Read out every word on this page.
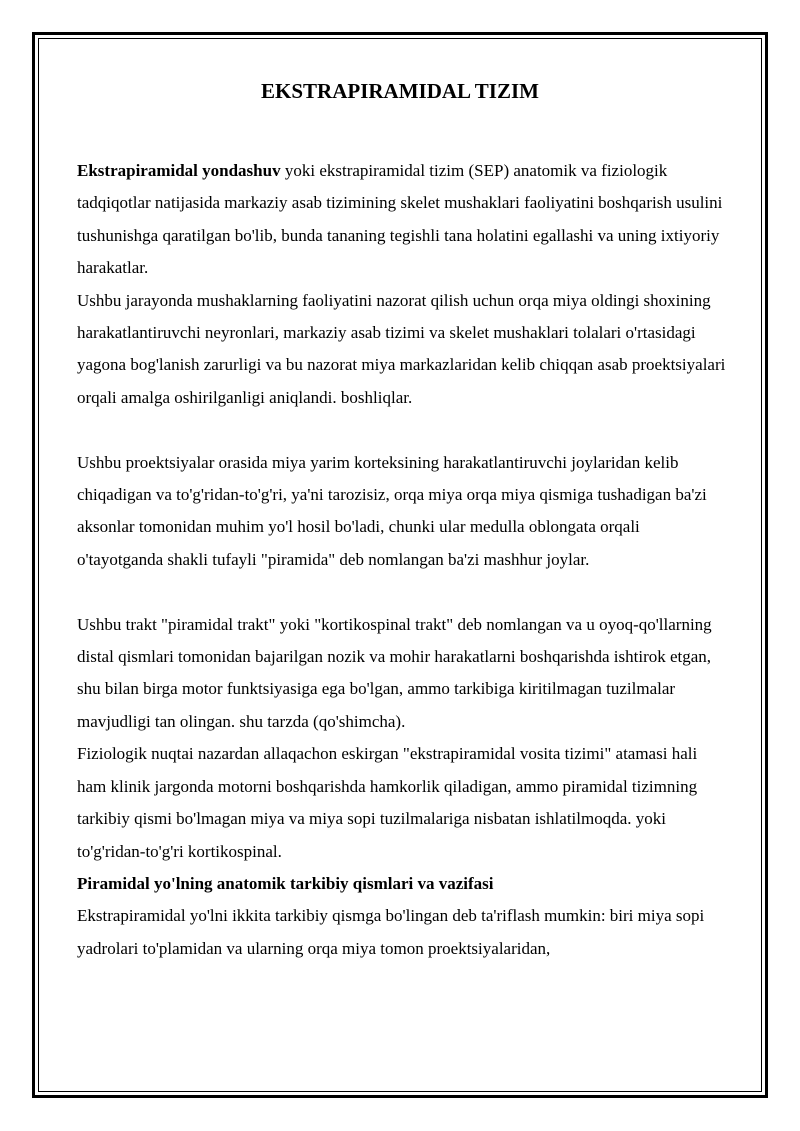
EKSTRAPIRAMIDAL TIZIM

Ekstrapiramidal yondashuv yoki ekstrapiramidal tizim (SEP) anatomik va fiziologik tadqiqotlar natijasida markaziy asab tizimining skelet mushaklari faoliyatini boshqarish usulini tushunishga qaratilgan bo'lib, bunda tananing tegishli tana holatini egallashi va uning ixtiyoriy harakatlar.

Ushbu jarayonda mushaklarning faoliyatini nazorat qilish uchun orqa miya oldingi shoxining harakatlantiruvchi neyronlari, markaziy asab tizimi va skelet mushaklari tolalari o'rtasidagi yagona bog'lanish zarurligi va bu nazorat miya markazlaridan kelib chiqqan asab proektsiyalari orqali amalga oshirilganligi aniqlandi. boshliqlar.

Ushbu proektsiyalar orasida miya yarim korteksining harakatlantiruvchi joylaridan kelib chiqadigan va to'g'ridan-to'g'ri, ya'ni tarozisiz, orqa miya orqa miya qismiga tushadigan ba'zi aksonlar tomonidan muhim yo'l hosil bo'ladi, chunki ular medulla oblongata orqali o'tayotganda shakli tufayli "piramida" deb nomlangan ba'zi mashhur joylar.

Ushbu trakt "piramidal trakt" yoki "kortikospinal trakt" deb nomlangan va u oyoq-qo'llarning distal qismlari tomonidan bajarilgan nozik va mohir harakatlarni boshqarishda ishtirok etgan, shu bilan birga motor funktsiyasiga ega bo'lgan, ammo tarkibiga kiritilmagan tuzilmalar mavjudligi tan olingan. shu tarzda (qo'shimcha).

Fiziologik nuqtai nazardan allaqachon eskirgan "ekstrapiramidal vosita tizimi" atamasi hali ham klinik jargonda motorni boshqarishda hamkorlik qiladigan, ammo piramidal tizimning tarkibiy qismi bo'lmagan miya va miya sopi tuzilmalariga nisbatan ishlatilmoqda. yoki to'g'ridan-to'g'ri kortikospinal.

Piramidal yo'lning anatomik tarkibiy qismlari va vazifasi

Ekstrapiramidal yo'lni ikkita tarkibiy qismga bo'lingan deb ta'riflash mumkin: biri miya sopi yadrolari to'plamidan va ularning orqa miya tomon proektsiyalaridan,
